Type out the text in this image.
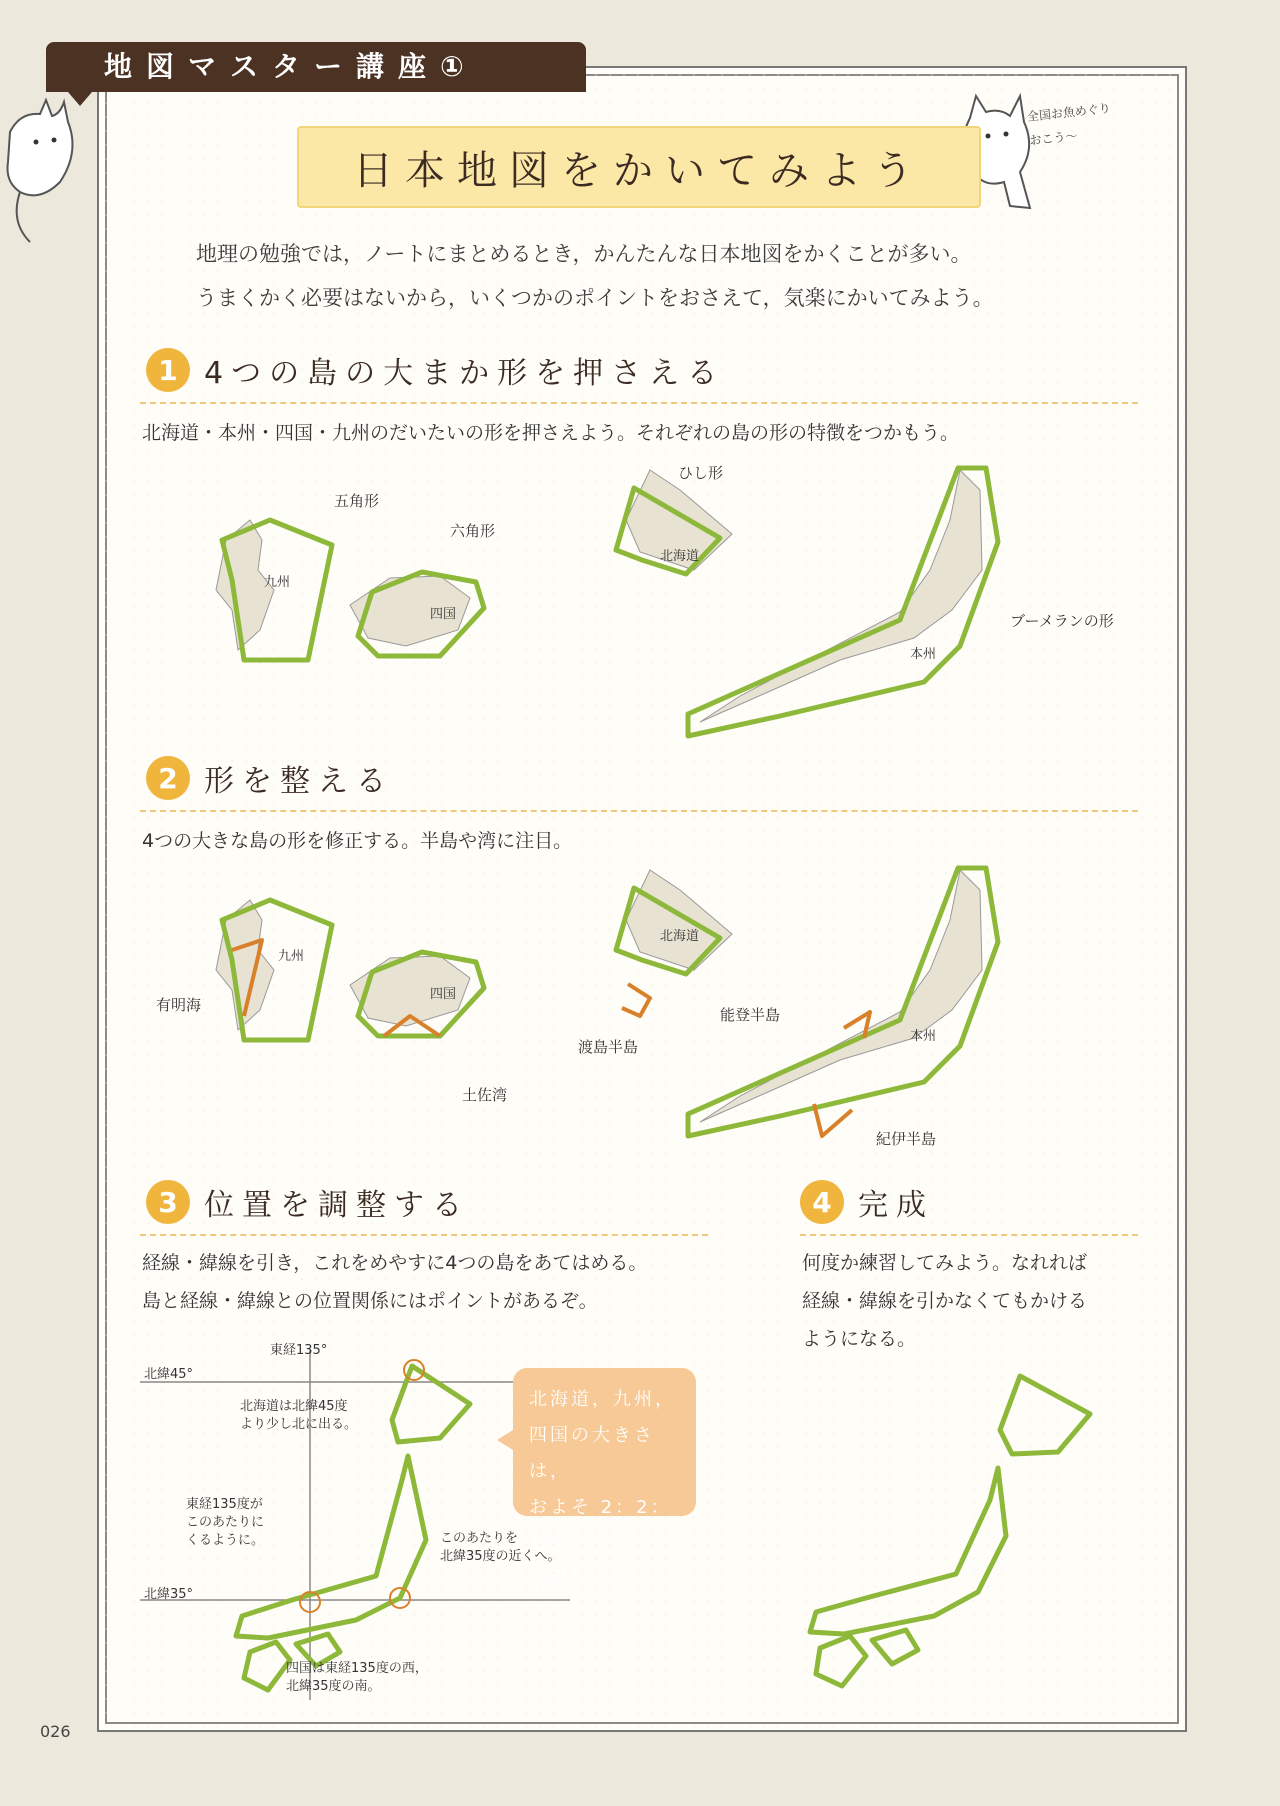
地図マスター講座①
全国お魚めぐり
おこう～
日本地図をかいてみよう
地理の勉強では，ノートにまとめるとき，かんたんな日本地図をかくことが多い。
うまくかく必要はないから，いくつかのポイントをおさえて，気楽にかいてみよう。
1 4つの島の大まか形を押さえる
北海道・本州・四国・九州のだいたいの形を押さえよう。それぞれの島の形の特徴をつかもう。
五角形
九州
六角形
四国
ひし形
北海道
ブーメランの形
本州
2 形を整える
4つの大きな島の形を修正する。半島や湾に注目。
有明海
九州
四国
土佐湾
北海道
渡島半島
能登半島
本州
紀伊半島
3 位置を調整する
経線・緯線を引き，これをめやすに4つの島をあてはめる。
島と経線・緯線との位置関係にはポイントがあるぞ。
東経135°
北緯45°
北緯35°
北海道は北緯45度
より少し北に出る。
東経135度が
このあたりに
くるように。	このあたりを
北緯35度の近くへ。
四国は東経135度の西，
北緯35度の南。
北海道，九州，
四国の大きさは，
およそ 2：2：1の
割合！
4 完成
何度か練習してみよう。なれれば
経線・緯線を引かなくてもかける
ようになる。
026
